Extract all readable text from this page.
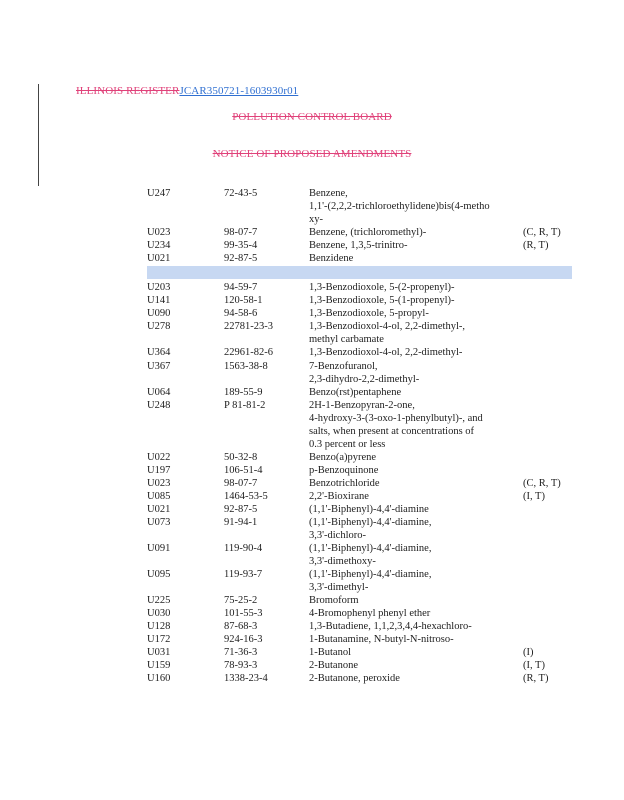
ILLINOIS REGISTERJCAR350721-1603930r01
POLLUTION CONTROL BOARD
NOTICE OF PROPOSED AMENDMENTS
U247	72-43-5	Benzene,
1,1'-(2,2,2-trichloroethylidene)bis(4-metho
xy-
U023	98-07-7	Benzene, (trichloromethyl)-	(C, R, T)
U234	99-35-4	Benzene, 1,3,5-trinitro-	(R, T)
U021	92-87-5	Benzidene
U203	94-59-7	1,3-Benzodioxole, 5-(2-propenyl)-
U141	120-58-1	1,3-Benzodioxole, 5-(1-propenyl)-
U090	94-58-6	1,3-Benzodioxole, 5-propyl-
U278	22781-23-3	1,3-Benzodioxol-4-ol, 2,2-dimethyl-,
methyl carbamate
U364	22961-82-6	1,3-Benzodioxol-4-ol, 2,2-dimethyl-
U367	1563-38-8	7-Benzofuranol,
2,3-dihydro-2,2-dimethyl-
U064	189-55-9	Benzo(rst)pentaphene
U248	P 81-81-2	2H-1-Benzopyran-2-one,
4-hydroxy-3-(3-oxo-1-phenylbutyl)-, and
salts, when present at concentrations of
0.3 percent or less
U022	50-32-8	Benzo(a)pyrene
U197	106-51-4	p-Benzoquinone
U023	98-07-7	Benzotrichloride	(C, R, T)
U085	1464-53-5	2,2'-Bioxirane	(I, T)
U021	92-87-5	(1,1'-Biphenyl)-4,4'-diamine
U073	91-94-1	(1,1'-Biphenyl)-4,4'-diamine,
3,3'-dichloro-
U091	119-90-4	(1,1'-Biphenyl)-4,4'-diamine,
3,3'-dimethoxy-
U095	119-93-7	(1,1'-Biphenyl)-4,4'-diamine,
3,3'-dimethyl-
U225	75-25-2	Bromoform
U030	101-55-3	4-Bromophenyl phenyl ether
U128	87-68-3	1,3-Butadiene, 1,1,2,3,4,4-hexachloro-
U172	924-16-3	1-Butanamine, N-butyl-N-nitroso-
U031	71-36-3	1-Butanol	(I)
U159	78-93-3	2-Butanone	(I, T)
U160	1338-23-4	2-Butanone, peroxide	(R, T)
